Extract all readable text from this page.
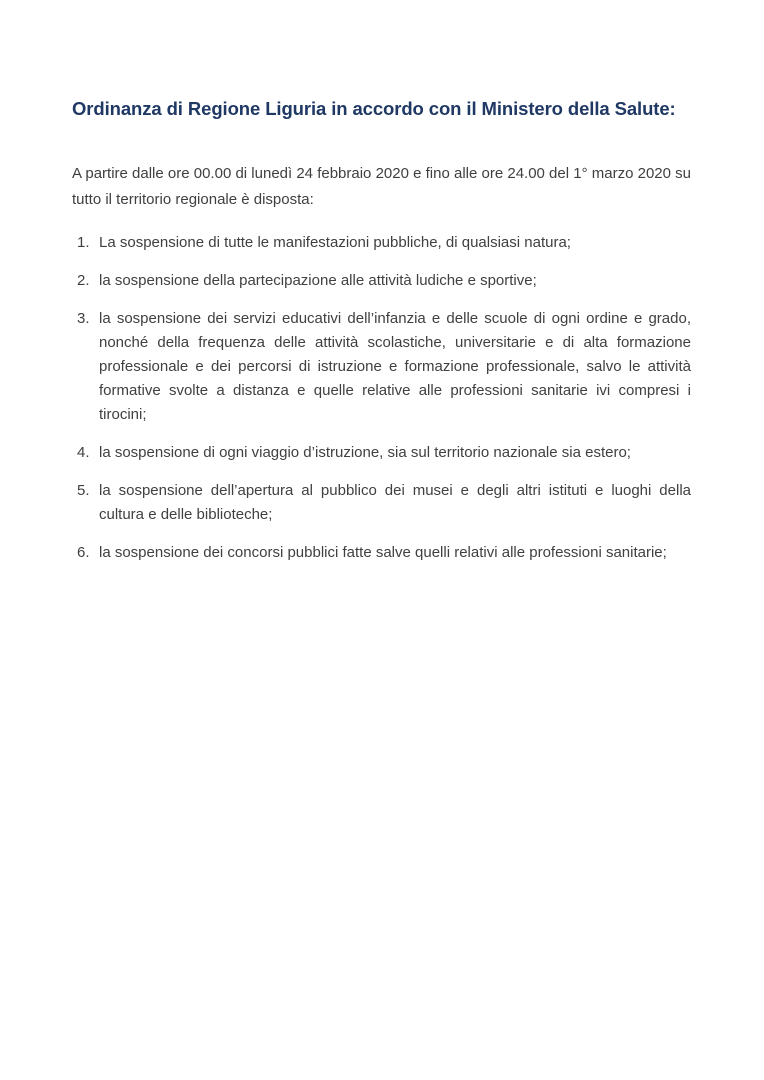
Ordinanza di Regione Liguria in accordo con il Ministero della Salute:

A partire dalle ore 00.00 di lunedì 24 febbraio 2020 e fino alle ore 24.00 del 1° marzo 2020 su tutto il territorio regionale è disposta:

1. La sospensione di tutte le manifestazioni pubbliche, di qualsiasi natura;
2. la sospensione della partecipazione alle attività ludiche e sportive;
3. la sospensione dei servizi educativi dell’infanzia e delle scuole di ogni ordine e grado, nonché della frequenza delle attività scolastiche, universitarie e di alta formazione professionale e dei percorsi di istruzione e formazione professionale, salvo le attività formative svolte a distanza e quelle relative alle professioni sanitarie ivi compresi i tirocini;
4. la sospensione di ogni viaggio d’istruzione, sia sul territorio nazionale sia estero;
5. la sospensione dell’apertura al pubblico dei musei e degli altri istituti e luoghi della cultura e delle biblioteche;
6. la sospensione dei concorsi pubblici fatte salve quelli relativi alle professioni sanitarie;
